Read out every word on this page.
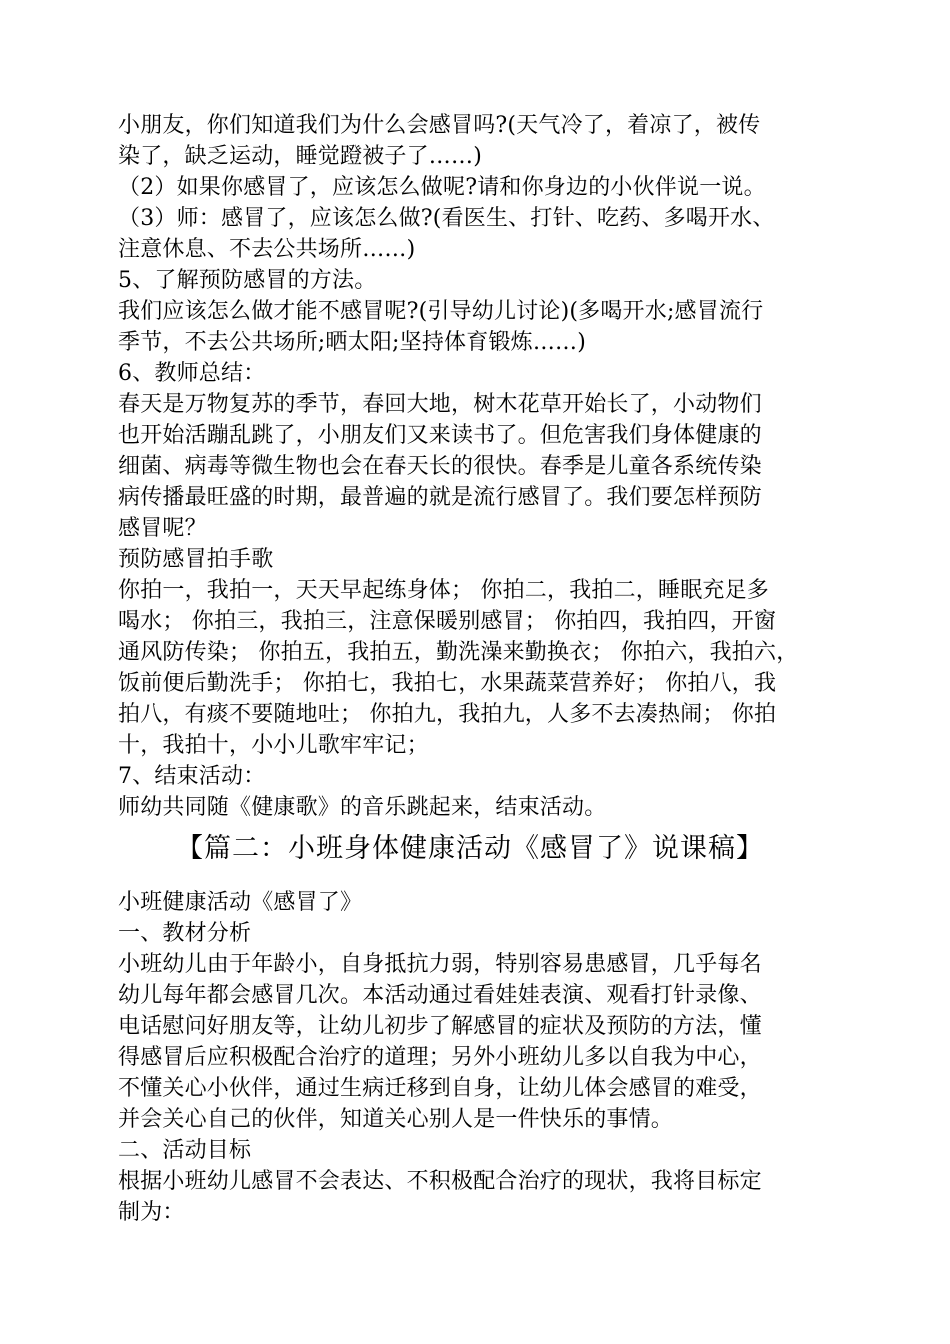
小朋友，你们知道我们为什么会感冒吗?(天气冷了，着凉了，被传
染了，缺乏运动，睡觉蹬被子了……)
（2）如果你感冒了，应该怎么做呢?请和你身边的小伙伴说一说。
（3）师：感冒了，应该怎么做?(看医生、打针、吃药、多喝开水、
注意休息、不去公共场所……)
5、了解预防感冒的方法。
我们应该怎么做才能不感冒呢?(引导幼儿讨论)(多喝开水;感冒流行
季节，不去公共场所;晒太阳;坚持体育锻炼……)
6、教师总结：
春天是万物复苏的季节，春回大地，树木花草开始长了，小动物们
也开始活蹦乱跳了，小朋友们又来读书了。但危害我们身体健康的
细菌、病毒等微生物也会在春天长的很快。春季是儿童各系统传染
病传播最旺盛的时期，最普遍的就是流行感冒了。我们要怎样预防
感冒呢？
预防感冒拍手歌
你拍一，我拍一，天天早起练身体； 你拍二，我拍二，睡眠充足多
喝水； 你拍三，我拍三，注意保暖别感冒； 你拍四，我拍四，开窗
通风防传染； 你拍五，我拍五，勤洗澡来勤换衣； 你拍六，我拍六，
饭前便后勤洗手； 你拍七，我拍七，水果蔬菜营养好； 你拍八，我
拍八，有痰不要随地吐； 你拍九，我拍九，人多不去凑热闹； 你拍
十，我拍十，小小儿歌牢牢记；
7、结束活动：
师幼共同随《健康歌》的音乐跳起来，结束活动。
【篇二：小班身体健康活动《感冒了》说课稿】
小班健康活动《感冒了》
一、教材分析
小班幼儿由于年龄小，自身抵抗力弱，特别容易患感冒，几乎每名
幼儿每年都会感冒几次。本活动通过看娃娃表演、观看打针录像、
电话慰问好朋友等，让幼儿初步了解感冒的症状及预防的方法，懂
得感冒后应积极配合治疗的道理；另外小班幼儿多以自我为中心，
不懂关心小伙伴，通过生病迁移到自身，让幼儿体会感冒的难受，
并会关心自己的伙伴，知道关心别人是一件快乐的事情。
二、活动目标
根据小班幼儿感冒不会表达、不积极配合治疗的现状，我将目标定
制为：
